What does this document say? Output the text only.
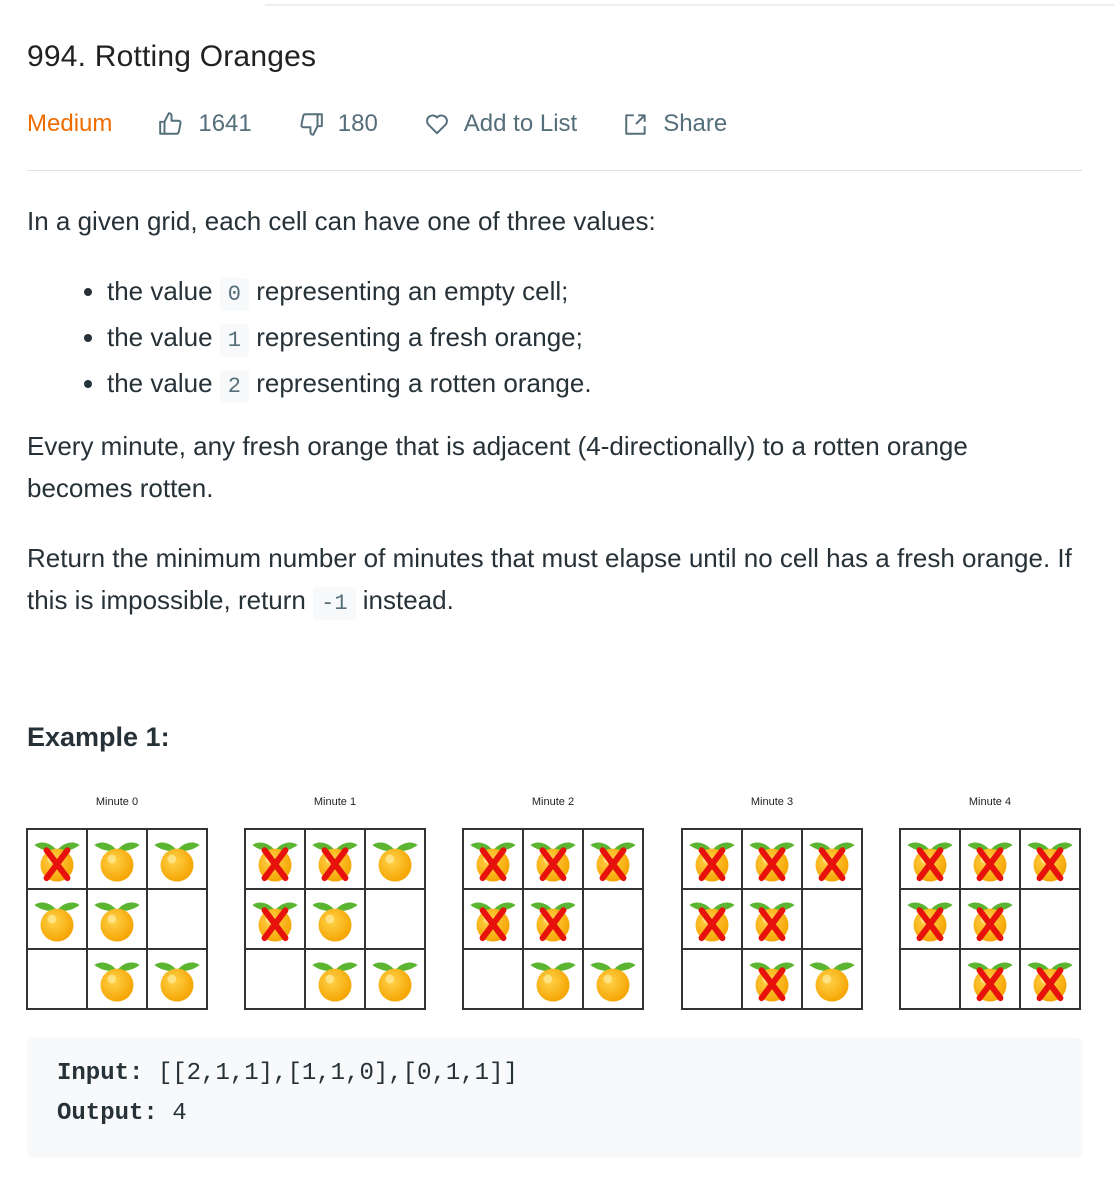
994. Rotting Oranges
Medium	1641	180	Add to List	Share

In a given grid, each cell can have one of three values:

• the value 0 representing an empty cell;
• the value 1 representing a fresh orange;
• the value 2 representing a rotten orange.

Every minute, any fresh orange that is adjacent (4-directionally) to a rotten orange becomes rotten.

Return the minimum number of minutes that must elapse until no cell has a fresh orange. If this is impossible, return -1 instead.

Example 1:
Minute 0	Minute 1	Minute 2	Minute 3	Minute 4
Input: [[2,1,1],[1,1,0],[0,1,1]]
Output: 4
